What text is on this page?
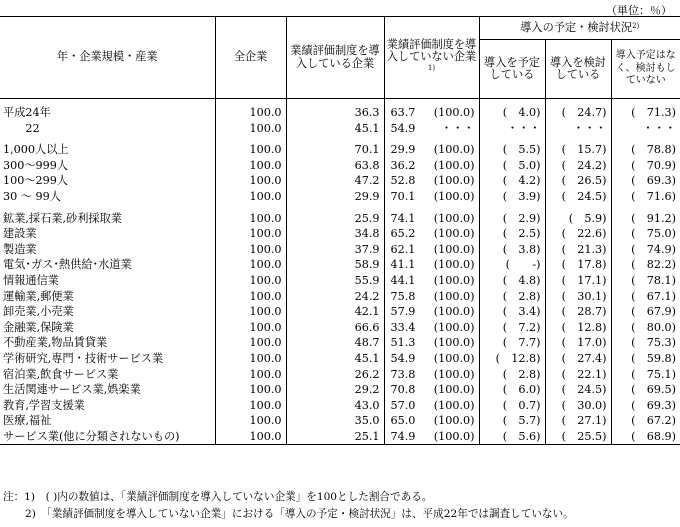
（単位：％）
年・企業規模・産業	全企業	業績評価制度を導入している企業	業績評価制度を導入していない企業$^{1)}$	導入の予定・検討状況$^{2)}$
				導入を予定している	導入を検討している	導入予定はなく、検討もしていない

平成24年	100.0	36.3	63.7 (100.0)	(　4.0)	(　24.7)	(　71.3)
　　22	100.0	45.1	54.9 ・・・	・・・	・・・	・・・

1,000人以上	100.0	70.1	29.9 (100.0)	(　5.5)	(　15.7)	(　78.8)
300～999人	100.0	63.8	36.2 (100.0)	(　5.0)	(　24.2)	(　70.9)
100～299人	100.0	47.2	52.8 (100.0)	(　4.2)	(　26.5)	(　69.3)
30 ～ 99人	100.0	29.9	70.1 (100.0)	(　3.9)	(　24.5)	(　71.6)

鉱業,採石業,砂利採取業	100.0	25.9	74.1 (100.0)	(　2.9)	(　5.9)	(　91.2)
建設業	100.0	34.8	65.2 (100.0)	(　2.5)	(　22.6)	(　75.0)
製造業	100.0	37.9	62.1 (100.0)	(　3.8)	(　21.3)	(　74.9)
電気･ガス･熱供給･水道業	100.0	58.9	41.1 (100.0)	(　　-)	(　17.8)	(　82.2)
情報通信業	100.0	55.9	44.1 (100.0)	(　4.8)	(　17.1)	(　78.1)
運輸業,郵便業	100.0	24.2	75.8 (100.0)	(　2.8)	(　30.1)	(　67.1)
卸売業,小売業	100.0	42.1	57.9 (100.0)	(　3.4)	(　28.7)	(　67.9)
金融業,保険業	100.0	66.6	33.4 (100.0)	(　7.2)	(　12.8)	(　80.0)
不動産業,物品賃貸業	100.0	48.7	51.3 (100.0)	(　7.7)	(　17.0)	(　75.3)
学術研究,専門・技術サービス業	100.0	45.1	54.9 (100.0)	(　12.8)	(　27.4)	(　59.8)
宿泊業,飲食サービス業	100.0	26.2	73.8 (100.0)	(　2.8)	(　22.1)	(　75.1)
生活関連サービス業,娯楽業	100.0	29.2	70.8 (100.0)	(　6.0)	(　24.5)	(　69.5)
教育,学習支援業	100.0	43.0	57.0 (100.0)	(　0.7)	(　30.0)	(　69.3)
医療,福祉	100.0	35.0	65.0 (100.0)	(　5.7)	(　27.1)	(　67.2)
サービス業(他に分類されないもの)	100.0	25.1	74.9 (100.0)	(　5.6)	(　25.5)	(　68.9)
注：1)　( )内の数値は、「業績評価制度を導入していない企業」を100とした割合である。
2)　「業績評価制度を導入していない企業」における「導入の予定・検討状況」は、平成22年では調査していない。
